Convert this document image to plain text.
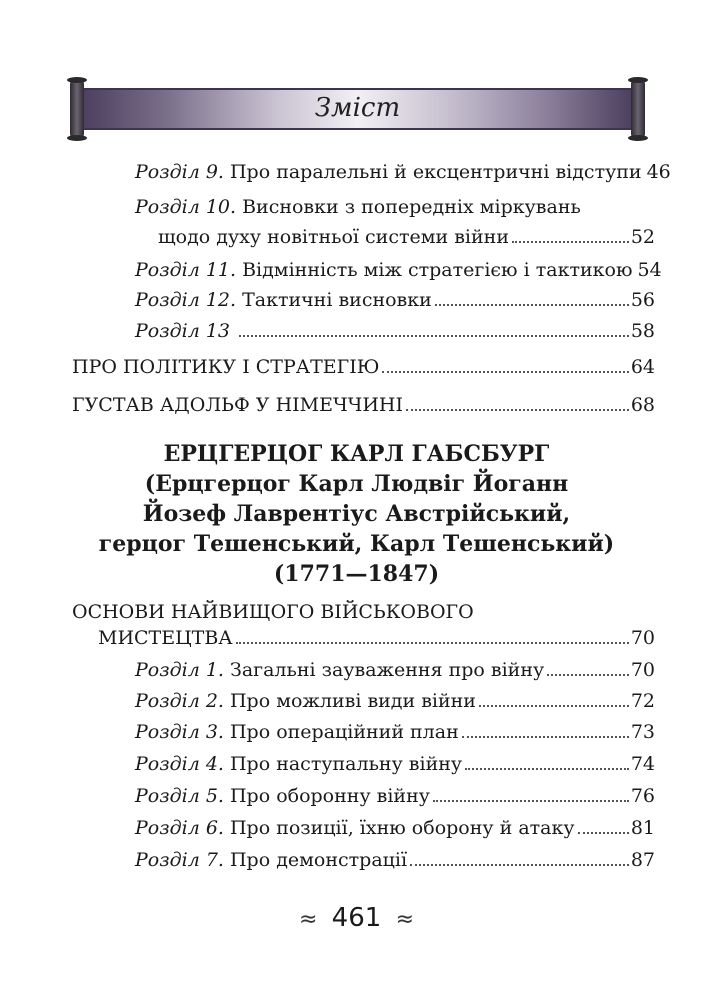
Зміст
Розділ 9. Про паралельні й ексцентричні відступи 46
Розділ 10. Висновки з попередніх міркувань
щодо духу новітньої системи війни	52
Розділ 11. Відмінність між стратегією і тактикою 54
Розділ 12. Тактичні висновки	56
Розділ 13	58
ПРО ПОЛІТИКУ І СТРАТЕГІЮ	64
ГУСТАВ АДОЛЬФ У НІМЕЧЧИНІ	68
ЕРЦГЕРЦОГ КАРЛ ГАБСБУРГ
(Ерцгерцог Карл Людвіг Йоганн
Йозеф Лаврентіус Австрійський,
герцог Тешенський, Карл Тешенський)
(1771—1847)
ОСНОВИ НАЙВИЩОГО ВІЙСЬКОВОГО
МИСТЕЦТВА	70
Розділ 1. Загальні зауваження про війну	70
Розділ 2. Про можливі види війни	72
Розділ 3. Про операційний план	73
Розділ 4. Про наступальну війну	74
Розділ 5. Про оборонну війну	76
Розділ 6. Про позиції, їхню оборону й атаку	81
Розділ 7. Про демонстрації	87
≈ 461 ≈
